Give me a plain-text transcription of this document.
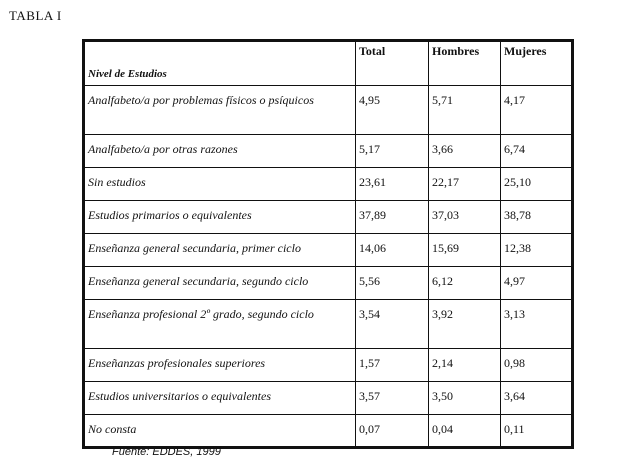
TABLA I
Nivel de Estudios	Total	Hombres	Mujeres
Analfabeto/a por problemas físicos o psíquicos	4,95	5,71	4,17
Analfabeto/a por otras razones	5,17	3,66	6,74
Sin estudios	23,61	22,17	25,10
Estudios primarios o equivalentes	37,89	37,03	38,78
Enseñanza general secundaria, primer ciclo	14,06	15,69	12,38
Enseñanza general secundaria, segundo ciclo	5,56	6,12	4,97
Enseñanza profesional 2º grado, segundo ciclo	3,54	3,92	3,13
Enseñanzas profesionales superiores	1,57	2,14	0,98
Estudios universitarios o equivalentes	3,57	3,50	3,64
No consta	0,07	0,04	0,11
Fuente: EDDES, 1999
